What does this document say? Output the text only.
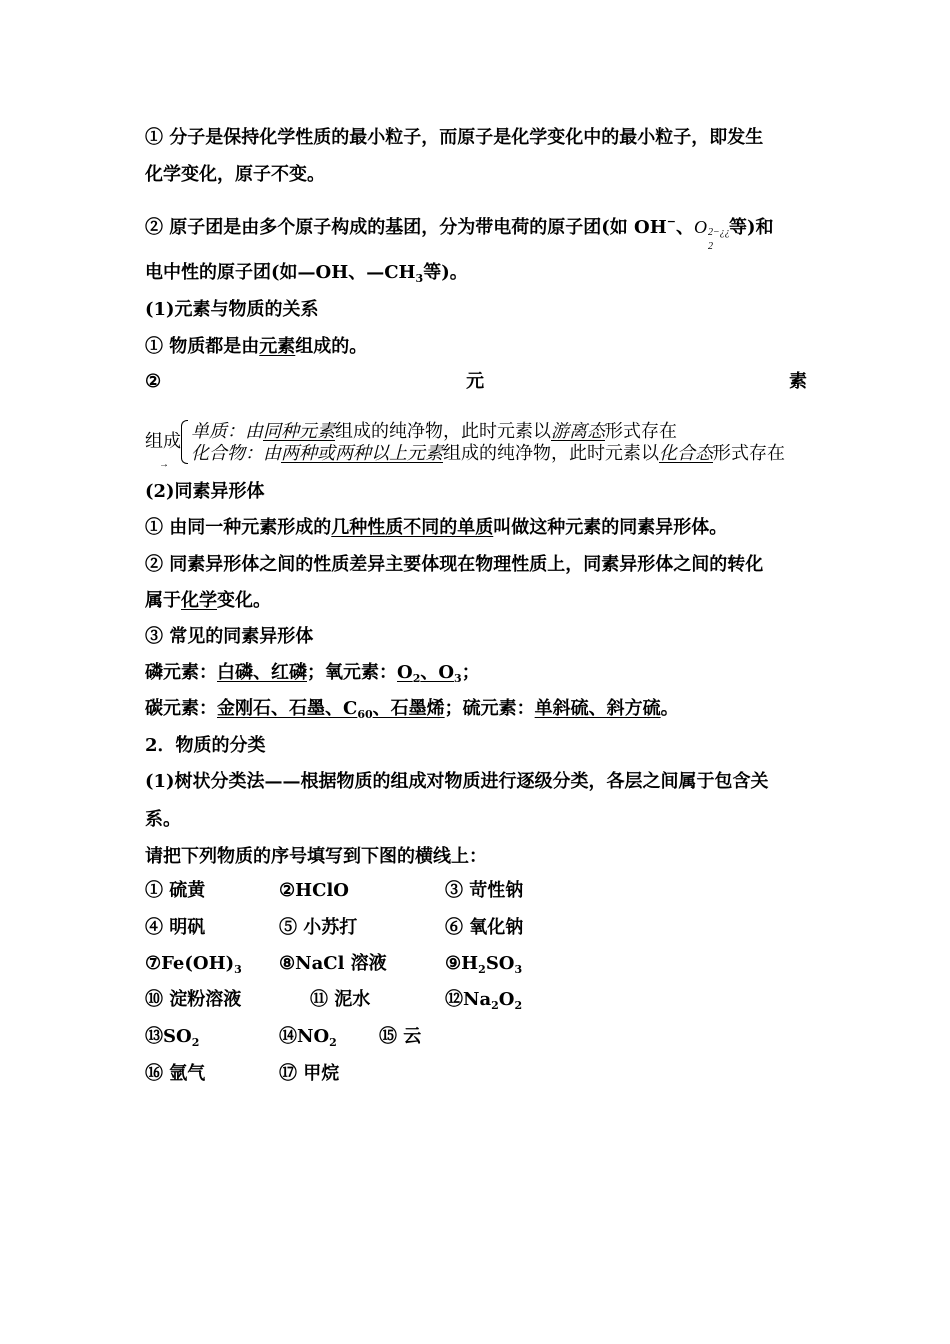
① 分子是保持化学性质的最小粒子，而原子是化学变化中的最小粒子，即发生
化学变化，原子不变。
② 原子团是由多个原子构成的基团，分为带电荷的原子团(如 OH−、O
2
2−¿¿ 等)和
电中性的原子团(如—OH、$—CH_3$等)。
(1)元素与物质的关系
① 物质都是由元素组成的。
②	元	素
组成
→
单质：由同种元素组成的纯净物，此时元素以游离态形式存在
化合物：由两种或两种以上元素组成的纯净物，此时元素以化合态形式存在
(2)同素异形体
① 由同一种元素形成的几种性质不同的单质叫做这种元素的同素异形体。
② 同素异形体之间的性质差异主要体现在物理性质上，同素异形体之间的转化
属于化学变化。
③ 常见的同素异形体
磷元素：白磷、红磷；氧元素：$O_2$、$O_3$；
碳元素：金刚石、石墨、$C_{60}$、石墨烯；硫元素：单斜硫、斜方硫。
2．物质的分类
(1)树状分类法——根据物质的组成对物质进行逐级分类，各层之间属于包含关
系。
请把下列物质的序号填写到下图的横线上：
① 硫黄	②HClO	③ 苛性钠
④ 明矾	⑤ 小苏打	⑥ 氧化钠
$⑦Fe(OH)_3$ ⑧NaCl 溶液	$⑨H_2SO_3$
⑩ 淀粉溶液	⑪ 泥水	$⑫Na_2O_2$
$⑬SO_2$	$⑭NO_2$ ⑮ 云
⑯ 氩气	⑰ 甲烷
